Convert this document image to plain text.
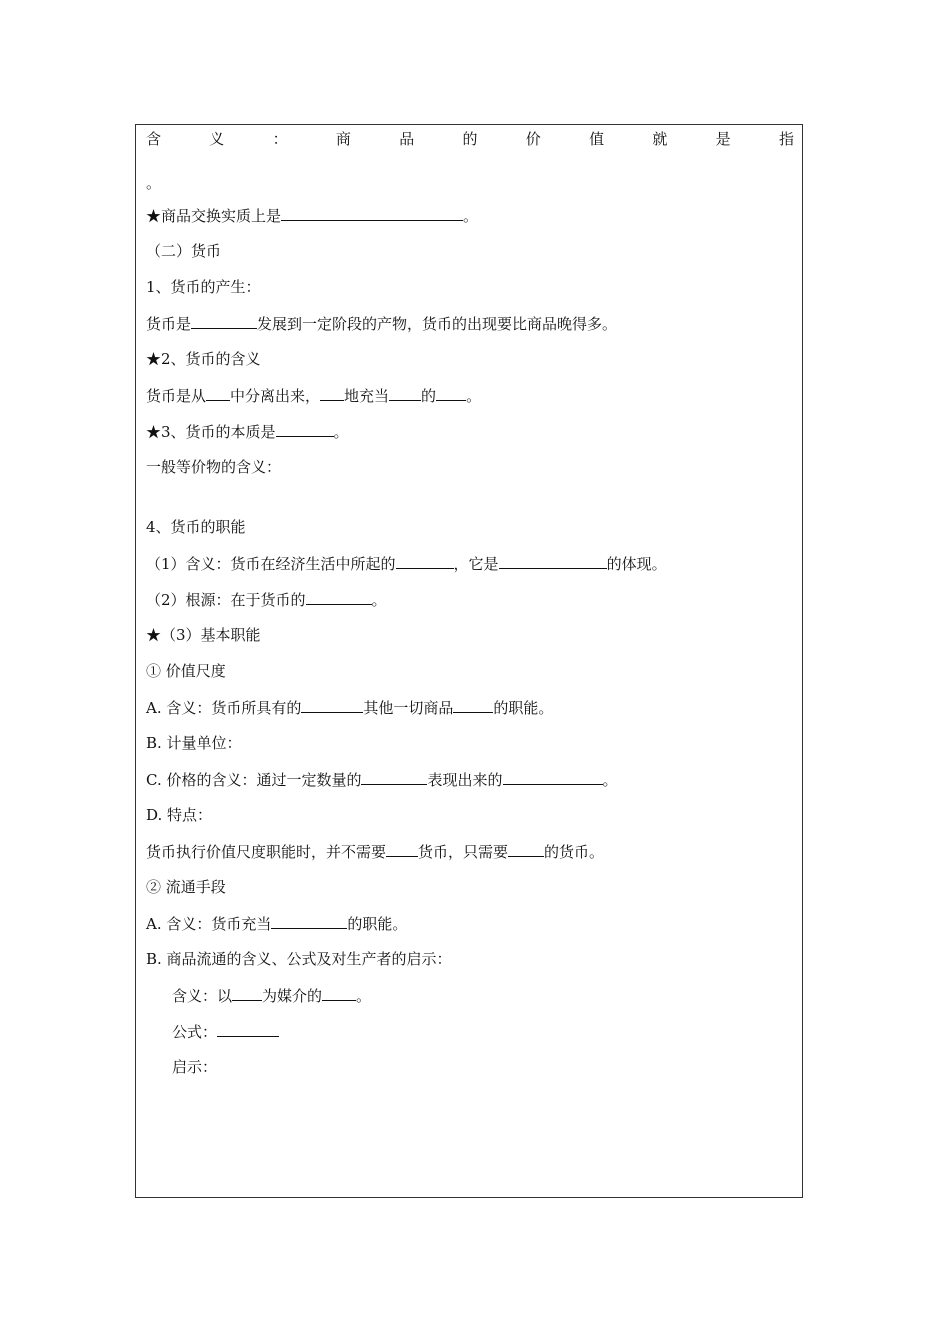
含	义	：	商	品	的	价	值	就	是	指
。
★商品交换实质上是	。
（二）货币
1、货币的产生：
货币是	发展到一定阶段的产物，货币的出现要比商品晚得多。
★2、货币的含义
货币是从 中分离出来， 地充当 的 。
★3、货币的本质是	。
一般等价物的含义：
4、货币的职能
（1）含义：货币在经济生活中所起的	，它是	的体现。
（2）根源：在于货币的	。
★（3）基本职能
① 价值尺度
A. 含义：货币所具有的	其他一切商品	的职能。
B. 计量单位：
C. 价格的含义：通过一定数量的	表现出来的	。
D. 特点：
货币执行价值尺度职能时，并不需要 货币，只需要 的货币。
② 流通手段
A. 含义：货币充当	的职能。
B. 商品流通的含义、公式及对生产者的启示：
含义：以 为媒介的 。
公式：
启示：
